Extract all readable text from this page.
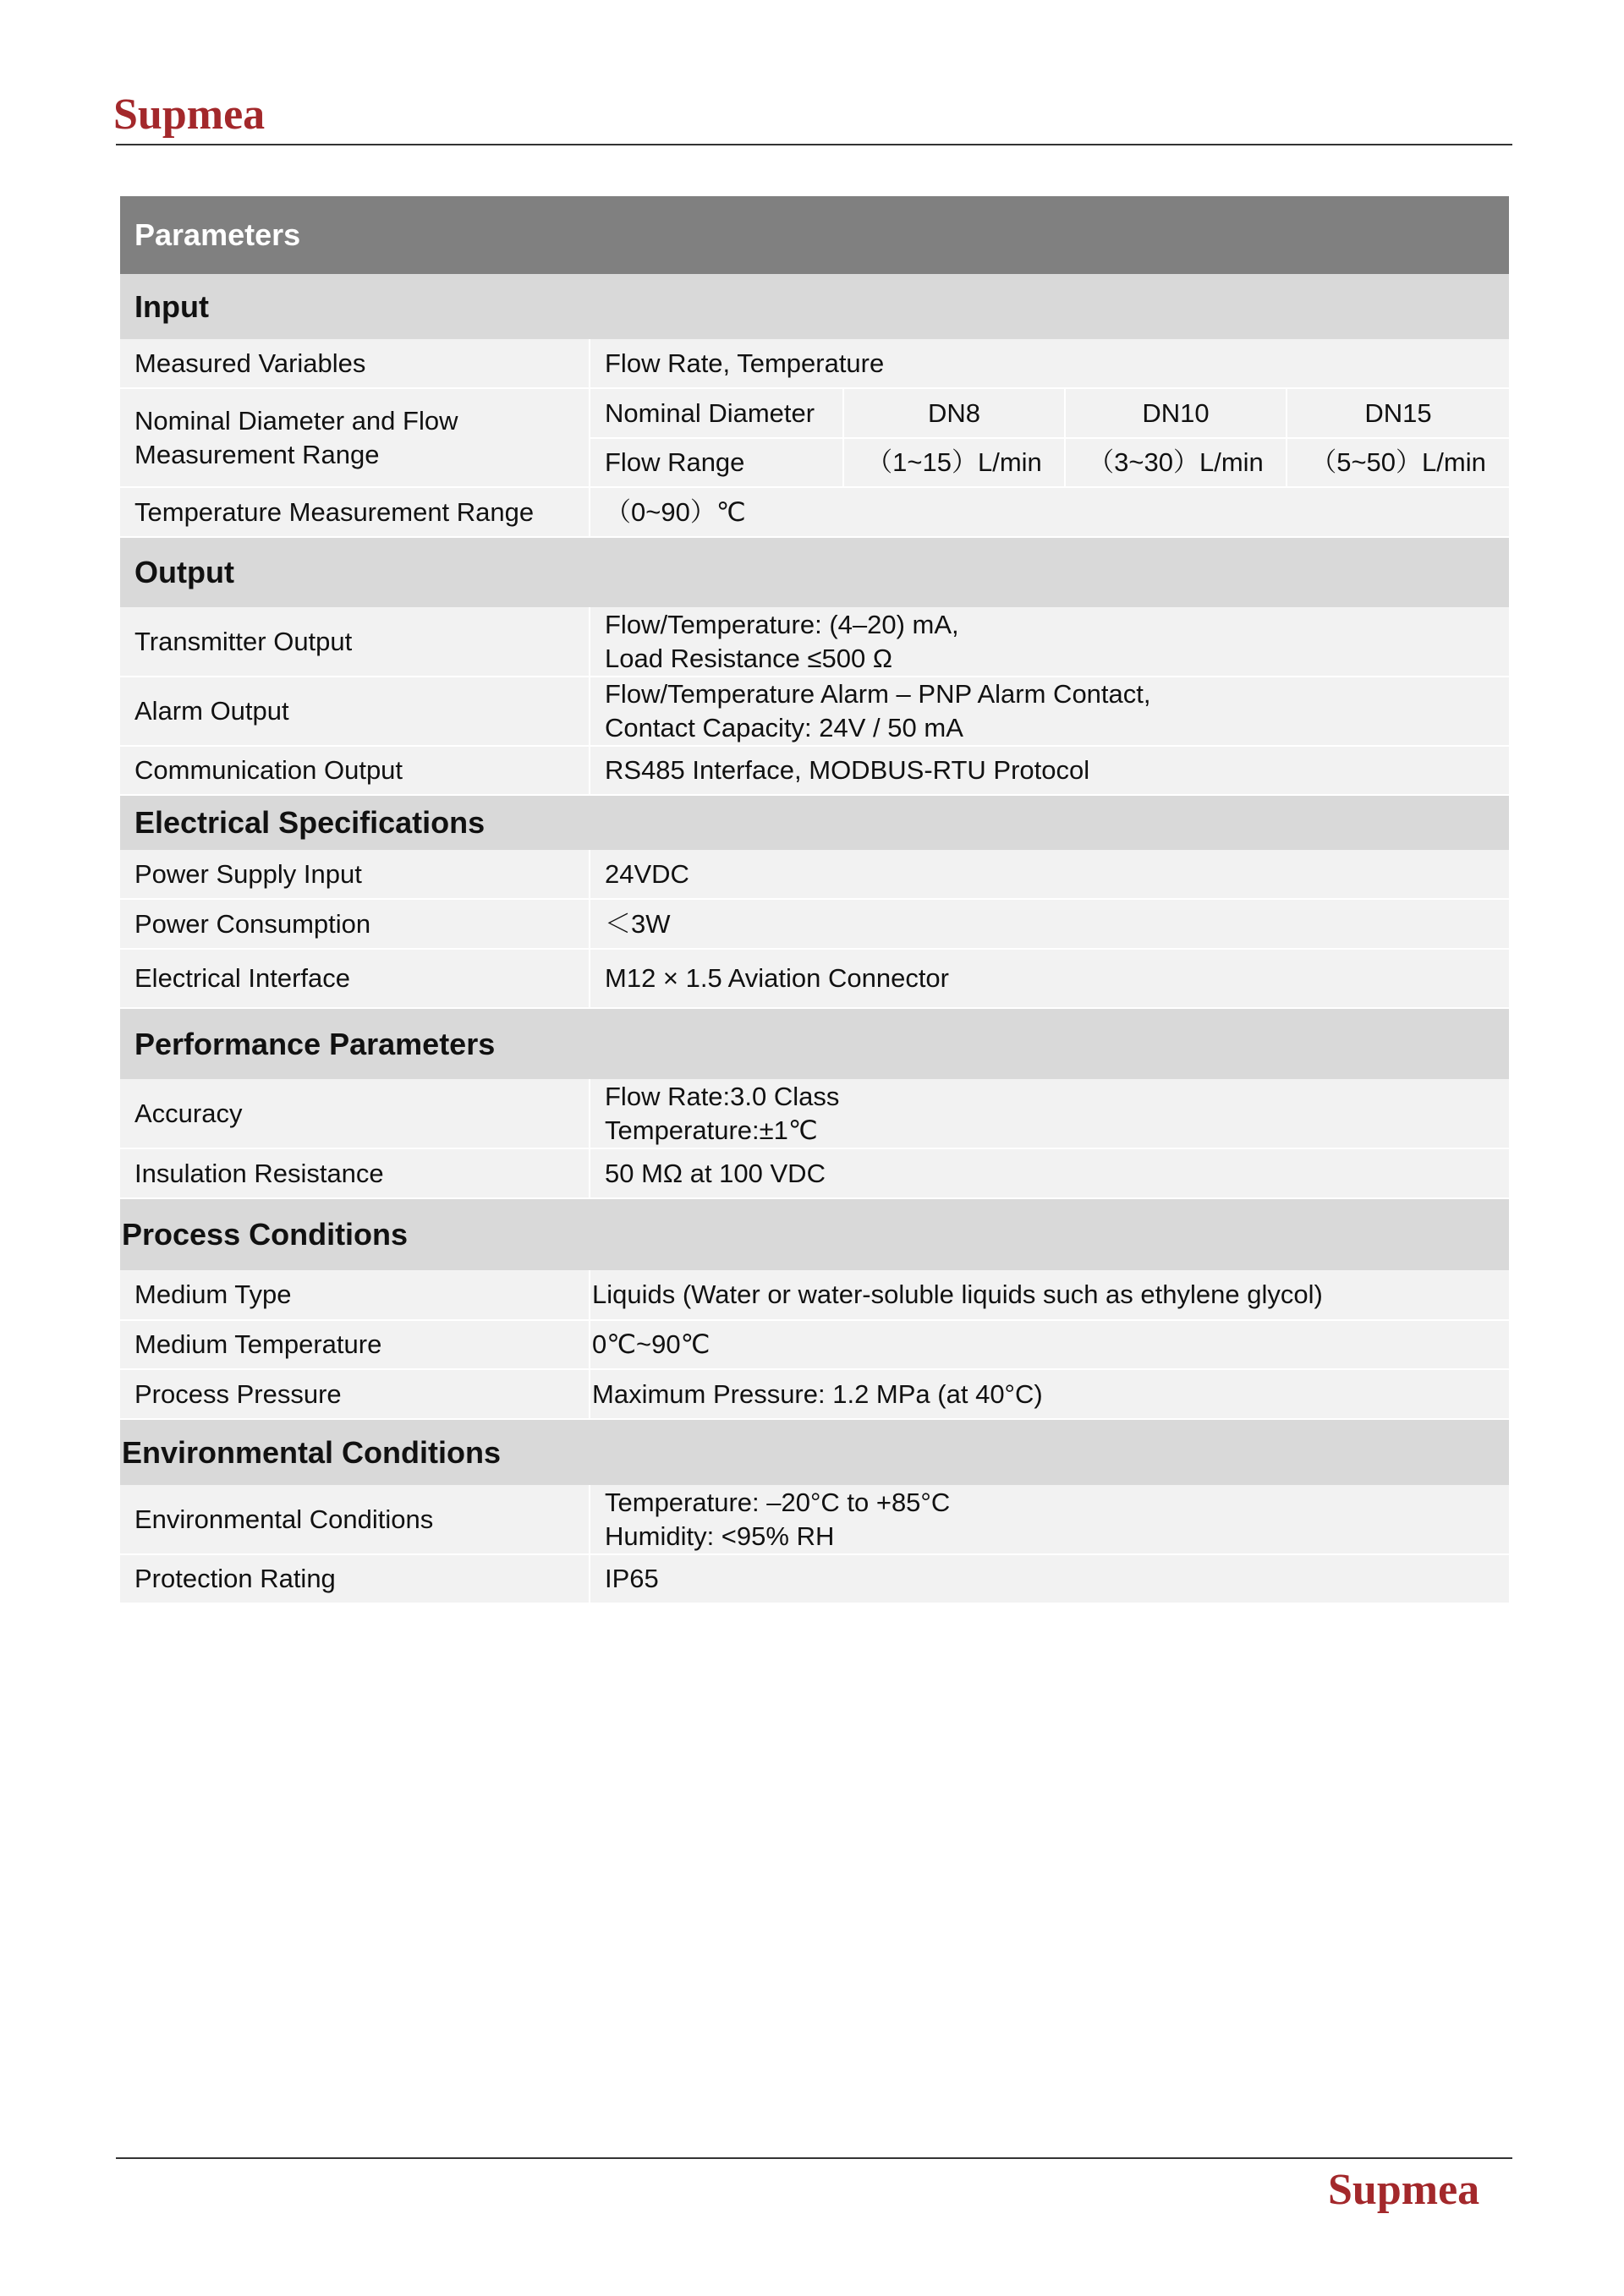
Supmea
Parameters				
Input				
Measured Variables	Flow Rate, Temperature			
Nominal Diameter and Flow Measurement Range	Nominal Diameter	DN8	DN10	DN15
	Flow Range	（1~15）L/min	（3~30）L/min	（5~50）L/min
Temperature Measurement Range	（0~90）℃			
Output				
Transmitter Output	Flow/Temperature: (4–20) mA,
Load Resistance ≤500 Ω			

Alarm Output	Flow/Temperature Alarm – PNP Alarm Contact,
Contact Capacity: 24V / 50 mA			

Communication Output	RS485 Interface, MODBUS-RTU Protocol			
Electrical Specifications				
Power Supply Input	24VDC			
Power Consumption	＜3W			
Electrical Interface	M12 × 1.5 Aviation Connector			
Performance Parameters				
Accuracy	Flow Rate:3.0 Class
Temperature:±1℃			

Insulation Resistance	50 MΩ at 100 VDC			
Process Conditions				
Medium Type	Liquids (Water or water-soluble liquids such as ethylene glycol)			
Medium Temperature	0℃~90℃			
Process Pressure	Maximum Pressure: 1.2 MPa (at 40°C)			
Environmental Conditions				
Environmental Conditions	Temperature: –20°C to +85°C
Humidity: <95% RH			

Protection Rating	IP65			
Supmea
